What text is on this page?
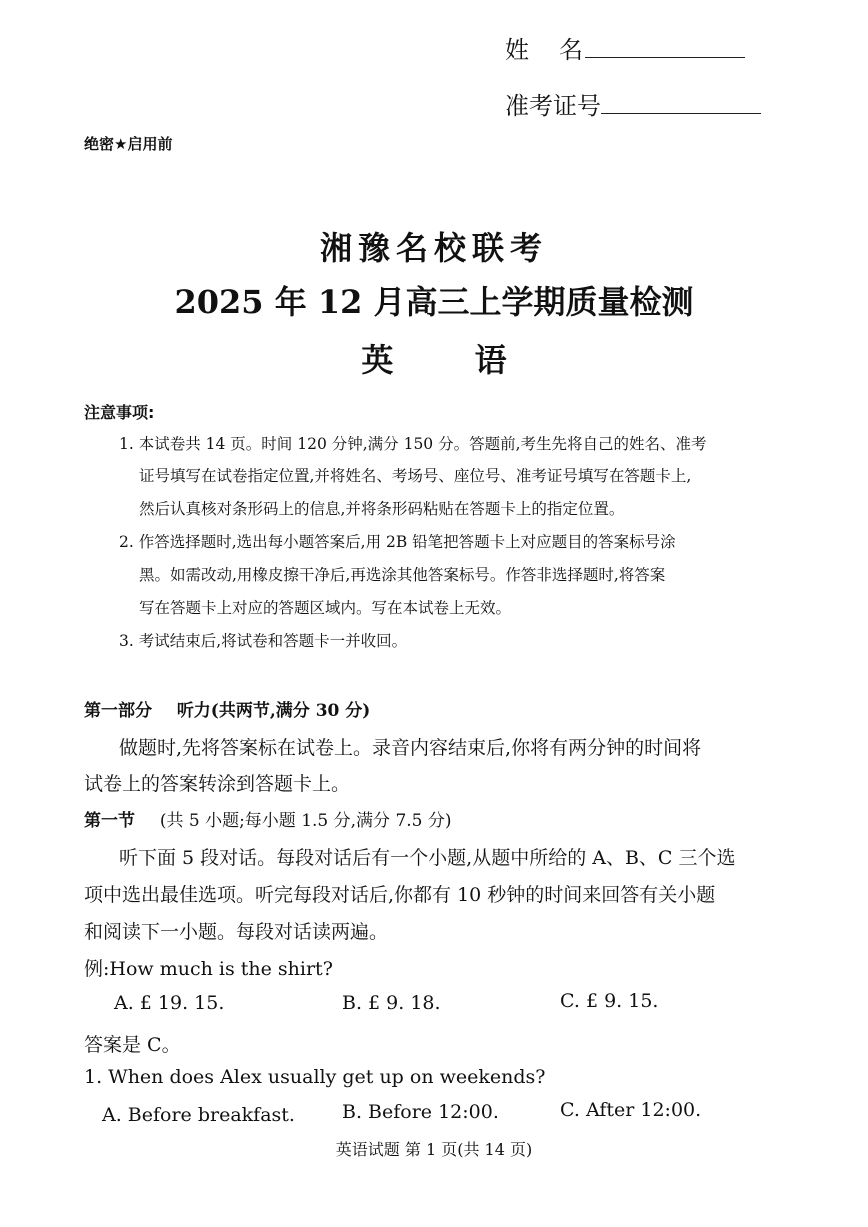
姓名
准考证号
绝密★启用前
湘豫名校联考
2025 年 12 月高三上学期质量检测
英 语
注意事项:
1. 本试卷共 14 页。时间 120 分钟,满分 150 分。答题前,考生先将自己的姓名、准考
证号填写在试卷指定位置,并将姓名、考场号、座位号、准考证号填写在答题卡上,
然后认真核对条形码上的信息,并将条形码粘贴在答题卡上的指定位置。
2. 作答选择题时,选出每小题答案后,用 2B 铅笔把答题卡上对应题目的答案标号涂
黑。如需改动,用橡皮擦干净后,再选涂其他答案标号。作答非选择题时,将答案
写在答题卡上对应的答题区域内。写在本试卷上无效。
3. 考试结束后,将试卷和答题卡一并收回。
第一部分 听力(共两节,满分 30 分)
做题时,先将答案标在试卷上。录音内容结束后,你将有两分钟的时间将
试卷上的答案转涂到答题卡上。
第一节 (共 5 小题;每小题 1.5 分,满分 7.5 分)
听下面 5 段对话。每段对话后有一个小题,从题中所给的 A、B、C 三个选
项中选出最佳选项。听完每段对话后,你都有 10 秒钟的时间来回答有关小题
和阅读下一小题。每段对话读两遍。
例:How much is the shirt?
A. £ 19. 15.	B. £ 9. 18.	C. £ 9. 15.
答案是 C。
1. When does Alex usually get up on weekends?
A. Before breakfast. B. Before 12:00.	C. After 12:00.
英语试题 第 1 页(共 14 页)
